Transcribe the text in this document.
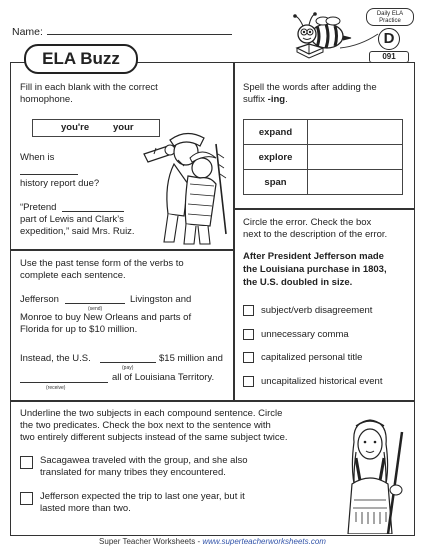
Name:
Daily ELA
Practice
D
091
ELA Buzz
Fill in each blank with the correct
homophone.
you're	your
When is
history report due?
“Pretend
part of Lewis and Clark’s
expedition,” said Mrs. Ruiz.
Spell the words after adding the
suffix -ing.
expand	
explore	
span	
Use the past tense form of the verbs to
complete each sentence.
Jefferson
(send)
Livingston and
Monroe to buy New Orleans and parts of
Florida for up to $10 million.
Instead, the U.S.
(pay)
$15 million and
(receive)
all of Louisiana Territory.
Circle the error. Check the box
next to the description of the error.
After President Jefferson made
the Louisiana purchase in 1803,
the U.S. doubled in size.
subject/verb disagreement
unnecessary comma
capitalized personal title
uncapitalized historical event
Underline the two subjects in each compound sentence. Circle
the two predicates. Check the box next to the sentence with
two entirely different subjects instead of the same subject twice.
Sacagawea traveled with the group, and she also
translated for many tribes they encountered.
Jefferson expected the trip to last one year, but it
lasted more than two.
Super Teacher Worksheets - www.superteacherworksheets.com
